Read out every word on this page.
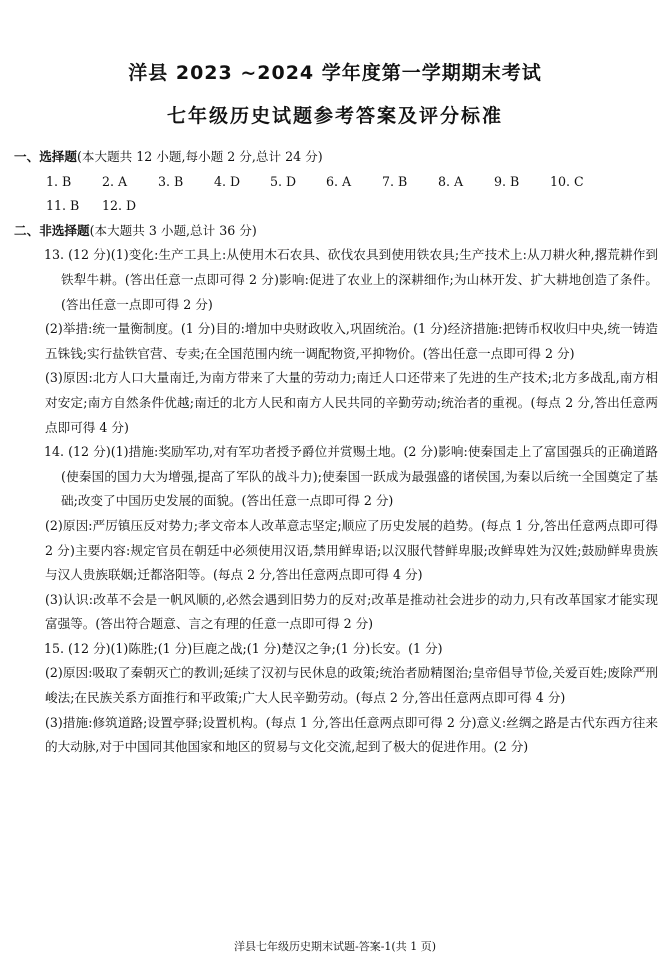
洋县 2023 ~2024 学年度第一学期期末考试
七年级历史试题参考答案及评分标准
一、选择题(本大题共 12 小题,每小题 2 分,总计 24 分)
1. B 2. A 3. B 4. D 5. D 6. A 7. B 8. A 9. B 10. C
11. B 12. D
二、非选择题(本大题共 3 小题,总计 36 分)

13. (12 分)(1)变化:生产工具上:从使用木石农具、砍伐农具到使用铁农具;生产技术上:从刀耕火种,撂荒耕作到铁犁牛耕。(答出任意一点即可得 2 分)影响:促进了农业上的深耕细作;为山林开发、扩大耕地创造了条件。(答出任意一点即可得 2 分)

(2)举措:统一量衡制度。(1 分)目的:增加中央财政收入,巩固统治。(1 分)经济措施:把铸币权收归中央,统一铸造五铢钱;实行盐铁官营、专卖;在全国范围内统一调配物资,平抑物价。(答出任意一点即可得 2 分)

(3)原因:北方人口大量南迁,为南方带来了大量的劳动力;南迁人口还带来了先进的生产技术;北方多战乱,南方相对安定;南方自然条件优越;南迁的北方人民和南方人民共同的辛勤劳动;统治者的重视。(每点 2 分,答出任意两点即可得 4 分)

14. (12 分)(1)措施:奖励军功,对有军功者授予爵位并赏赐土地。(2 分)影响:使秦国走上了富国强兵的正确道路(使秦国的国力大为增强,提高了军队的战斗力);使秦国一跃成为最强盛的诸侯国,为秦以后统一全国奠定了基础;改变了中国历史发展的面貌。(答出任意一点即可得 2 分)

(2)原因:严厉镇压反对势力;孝文帝本人改革意志坚定;顺应了历史发展的趋势。(每点 1 分,答出任意两点即可得 2 分)主要内容:规定官员在朝廷中必须使用汉语,禁用鲜卑语;以汉服代替鲜卑服;改鲜卑姓为汉姓;鼓励鲜卑贵族与汉人贵族联姻;迁都洛阳等。(每点 2 分,答出任意两点即可得 4 分)

(3)认识:改革不会是一帆风顺的,必然会遇到旧势力的反对;改革是推动社会进步的动力,只有改革国家才能实现富强等。(答出符合题意、言之有理的任意一点即可得 2 分)

15. (12 分)(1)陈胜;(1 分)巨鹿之战;(1 分)楚汉之争;(1 分)长安。(1 分)

(2)原因:吸取了秦朝灭亡的教训;延续了汉初与民休息的政策;统治者励精图治;皇帝倡导节俭,关爱百姓;废除严刑峻法;在民族关系方面推行和平政策;广大人民辛勤劳动。(每点 2 分,答出任意两点即可得 4 分)

(3)措施:修筑道路;设置亭驿;设置机构。(每点 1 分,答出任意两点即可得 2 分)意义:丝绸之路是古代东西方往来的大动脉,对于中国同其他国家和地区的贸易与文化交流,起到了极大的促进作用。(2 分)

洋县七年级历史期末试题-答案-1(共 1 页)
